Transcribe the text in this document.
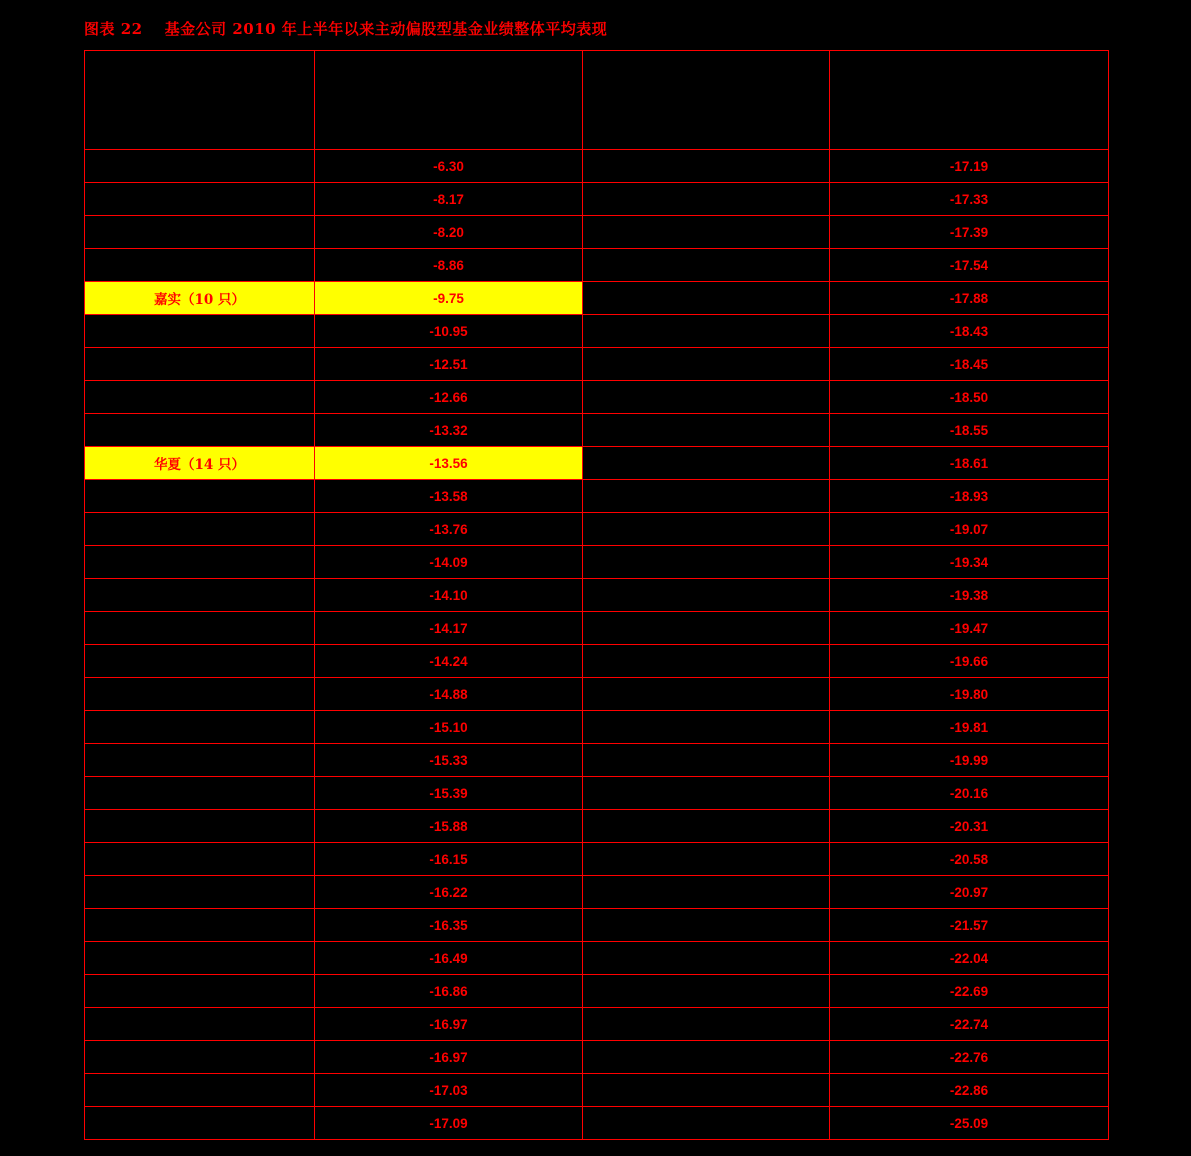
图表 22 基金公司 2010 年上半年以来主动偏股型基金业绩整体平均表现

	-6.30		-17.19
	-8.17		-17.33
	-8.20		-17.39
	-8.86		-17.54
嘉实（10 只）	-9.75		-17.88
	-10.95		-18.43
	-12.51		-18.45
	-12.66		-18.50
	-13.32		-18.55
华夏（14 只）	-13.56		-18.61
	-13.58		-18.93
	-13.76		-19.07
	-14.09		-19.34
	-14.10		-19.38
	-14.17		-19.47
	-14.24		-19.66
	-14.88		-19.80
	-15.10		-19.81
	-15.33		-19.99
	-15.39		-20.16
	-15.88		-20.31
	-16.15		-20.58
	-16.22		-20.97
	-16.35		-21.57
	-16.49		-22.04
	-16.86		-22.69
	-16.97		-22.74
	-16.97		-22.76
	-17.03		-22.86
	-17.09		-25.09
